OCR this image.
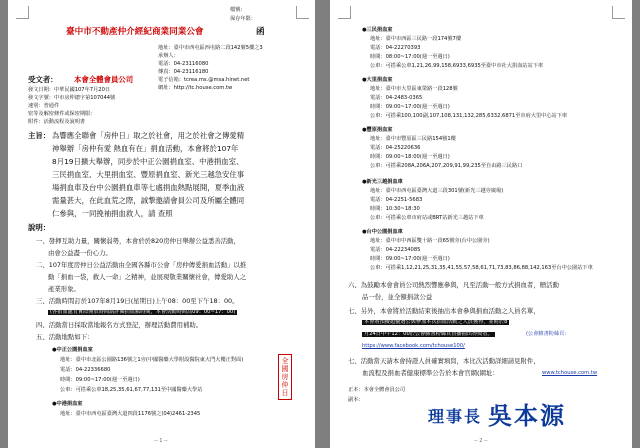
檔號：
保存年限：
臺中市不動產仲介經紀商業同業公會	函
地址：臺中市西屯區西屯路二段142號5樓之3
承辦人：
電話：04-23116080
傳真：04-23116180
電子信箱：tcrea.ms.@msa.hinet.net
網址：http://tc.house.com.tw
受文者： 本會全體會員公司
發文日期：中華民國107年7月20日
發文字號：中市房仲總字第107044號
速別：普通件
密等及解密條件或保密期限：
附件：活動流程及說明書
主旨： 為響應全聯會「房仲日」取之於社會，用之於社會之傳愛精
神舉辦「房仲有愛 熱血有在」捐血活動，本會將於107年
8月19日擴大舉辦，同步於中正公園捐血室、中港捐血室、
三民捐血室、大里捐血室、豐原捐血室、新光三越急安住事
場捐血車及台中公園捐血車等七處捐血熱點展開，夏季血液
需量甚大，在此血荒之際，誠摯邀請會員公司及所屬全體同
仁參與，一同挽袖捐血救人，請 查照
說明：
一、發揮互助力量，關懷弱勢，本會於於820房仲日舉辦公益悉善活動，
由會公益盡一份心力。
二、107年度房仲日公益活動由全國各縣市公會「房仲傳愛捐血活動」以推
動「捐血一袋，救人一命」之精神，並展現敬業關懷社會，傳愛助人之
產業形象。
三、活動時間訂於107年8月19日(星期日)上午08：00至下午18：00。
(各捐血處有實際開放時間請詳閱捐血點時間，本會活動時間為09：00~17：00)
四、活動當日採取當地報名方式登記，辦理活動費用補助。
五、活動地點如下：
●中正公園捐血室
地址：臺中市北區公園路136號之1旁(中國醫藥大學附設醫院東大門大樓正對面)
電話：04-22336680
時間：09:00~17:00(週一至週日)
公車：可搭乘公車18,25,35,61,67,77,131至中國醫藥大學站
●中港捐血室
地址：臺中市西屯區臺灣大道四段1176號之(04)2461-2345
全國房仲日
-- 1 --
●三民捐血室
地址：臺中市西區三民路一段174號7樓
電話：04-22270393
時間：08:00~17:00(週一至週日)
公車：可搭乘公車1,21,26,99,158,6933,6935至臺中市社大捐血站站下車
●大里捐血室
地址：臺中市大里區東榮路一段128號
電話：04-2483-0365
時間：09:00~17:00(週一至週日)
公車：可搭乘100,100副,107,108,131,132,285,6332,6871至市府大里中心站下車
●豐原捐血室
地址：臺中市豐原區三民路154號1樓
電話：04-25220636
時間：09:00~18:00(週一至週日)
公車：可搭乘208A,206A,207,209,91,99,235至自由路三民路口
●新光三越捐血車
地址：臺中市西屯區臺灣大道三段301號(新光三越旁廣場)
電話：04-2251-5683
時間：10:30~18:30
公車：可搭乘公車市府站或BRT站新光三越站下車
●台中公園捐血車
地址：臺中市中西區雙十路一段65號旁(台中公園旁)
電話：04-22234085
時間：09:00~17:00(週一至週日)
公車：可搭乘1,12,21,25,31,35,41,55,57,58,61,71,73,83,86,88,142,163至台中公園站下車
六、為鼓勵本會會員公司熱烈響應參與，凡至活動一般方式捐血者，贈活動
品一份，並全額捐款公益
七、另外，本會將於活動結束後抽出本會參與捐血活動之人員名單，
本會將預擬超優選公與參加本次捐血活動之人員獲得，並附於8
月24日中午12：00於公會臉書粉絲頁直播抽出得獎者。	(公會臉書粉絲頁：
https://www.facebook.com/tchouse100/
七、活動當天請本會持證人員確實填寫，本比次活動詳細請見附件，
血流程及捐血者健康標準公告於本會官網(網址：	www.tchouse.com.tw
正本：本會全體會員公司
副本：
理事長 吳本源
-- 2 --
